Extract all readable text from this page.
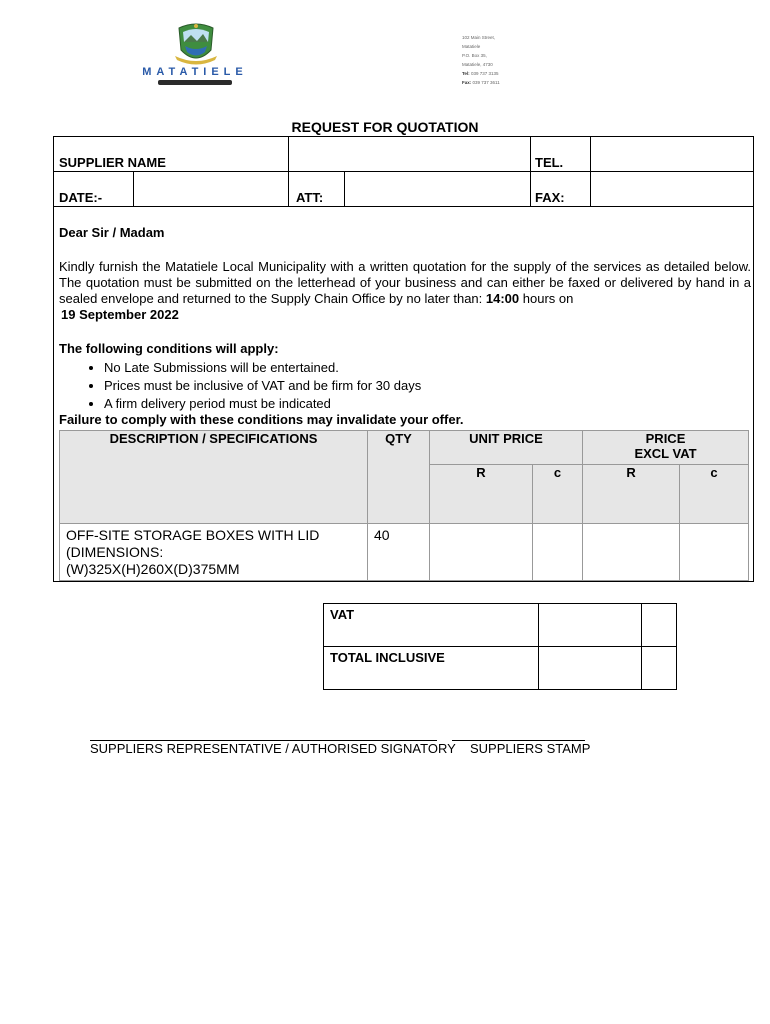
MATATIELE
102 Main Street,
Matatiele
P.O. Box 35,
Matatiele, 4730
Tel: 039 737 3135
Fax: 039 737 3611
REQUEST FOR QUOTATION
SUPPLIER NAME	TEL.
DATE:-	ATT:	FAX:

Dear Sir / Madam

Kindly furnish the Matatiele Local Municipality with a written quotation for the supply of the services as detailed below. The quotation must be submitted on the letterhead of your business and can either be faxed or delivered by hand in a sealed envelope and returned to the Supply Chain Office by no later than: 14:00 hours on
19 September 2022

The following conditions will apply:

• No Late Submissions will be entertained.
• Prices must be inclusive of VAT and be firm for 30 days
• A firm delivery period must be indicated

Failure to comply with these conditions may invalidate your offer.

DESCRIPTION / SPECIFICATIONS	QTY	UNIT PRICE		PRICE
EXCL VAT	
		R	c	R	c

OFF-SITE STORAGE BOXES WITH LID
(DIMENSIONS:
(W)325X(H)260X(D)375MM	40				
VAT		
TOTAL INCLUSIVE		
SUPPLIERS REPRESENTATIVE / AUTHORISED SIGNATORY SUPPLIERS STAMP
